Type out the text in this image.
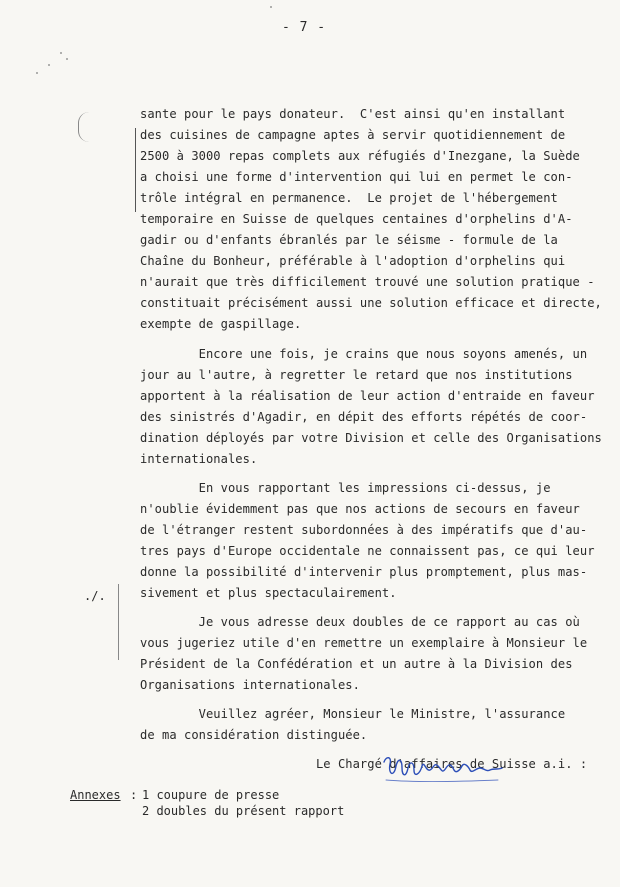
- 7 -
sante pour le pays donateur.  C'est ainsi qu'en installant
des cuisines de campagne aptes à servir quotidiennement de
2500 à 3000 repas complets aux réfugiés d'Inezgane, la Suède
a choisi une forme d'intervention qui lui en permet le con-
trôle intégral en permanence.  Le projet de l'hébergement
temporaire en Suisse de quelques centaines d'orphelins d'A-
gadir ou d'enfants ébranlés par le séisme - formule de la
Chaîne du Bonheur, préférable à l'adoption d'orphelins qui
n'aurait que très difficilement trouvé une solution pratique -
constituait précisément aussi une solution efficace et directe,
exempte de gaspillage.
Encore une fois, je crains que nous soyons amenés, un
jour au l'autre, à regretter le retard que nos institutions
apportent à la réalisation de leur action d'entraide en faveur
des sinistrés d'Agadir, en dépit des efforts répétés de coor-
dination déployés par votre Division et celle des Organisations
internationales.
En vous rapportant les impressions ci-dessus, je
n'oublie évidemment pas que nos actions de secours en faveur
de l'étranger restent subordonnées à des impératifs que d'au-
tres pays d'Europe occidentale ne connaissent pas, ce qui leur
donne la possibilité d'intervenir plus promptement, plus mas-
sivement et plus spectaculairement.
Je vous adresse deux doubles de ce rapport au cas où
vous jugeriez utile d'en remettre un exemplaire à Monsieur le
Président de la Confédération et un autre à la Division des
Organisations internationales.
Veuillez agréer, Monsieur le Ministre, l'assurance
de ma considération distinguée.
Le Chargé d'affaires de Suisse a.i. :
./.
Annexes : 1 coupure de presse
2 doubles du présent rapport
